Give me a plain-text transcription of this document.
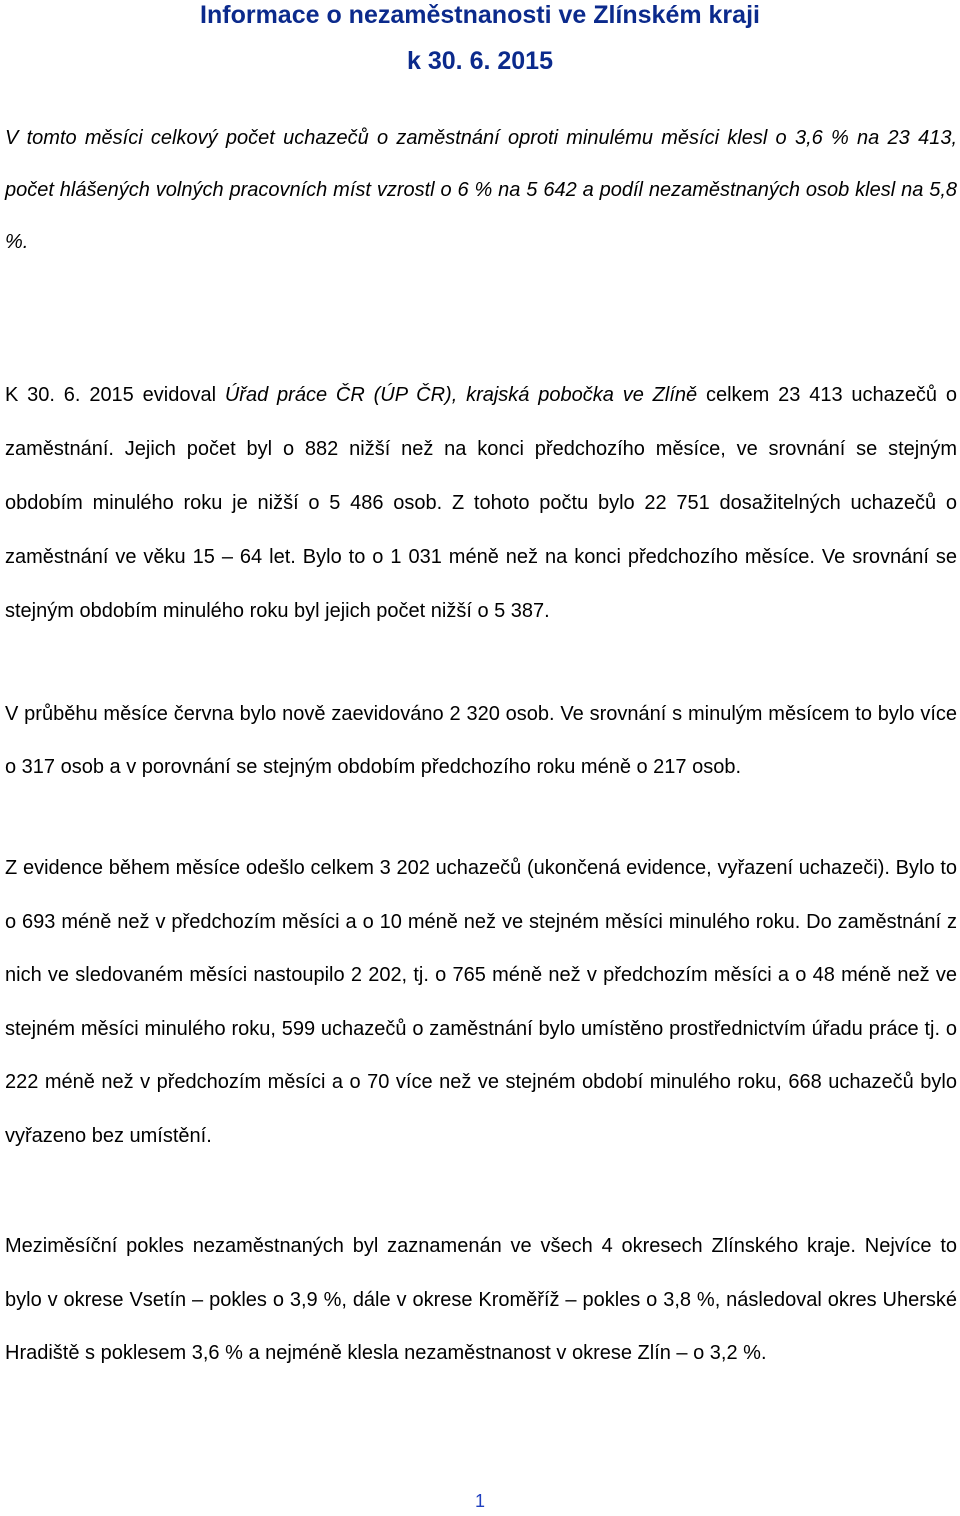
Informace o nezaměstnanosti ve Zlínském kraji
k 30. 6. 2015

V tomto měsíci celkový počet uchazečů o zaměstnání oproti minulému měsíci klesl o 3,6 % na 23 413, počet hlášených volných pracovních míst vzrostl o 6 % na 5 642 a podíl nezaměstnaných osob klesl na 5,8 %.

K 30. 6. 2015 evidoval Úřad práce ČR (ÚP ČR), krajská pobočka ve Zlíně celkem 23 413 uchazečů o zaměstnání. Jejich počet byl o 882 nižší než na konci předchozího měsíce, ve srovnání se stejným obdobím minulého roku je nižší o 5 486 osob. Z tohoto počtu bylo 22 751 dosažitelných uchazečů o zaměstnání ve věku 15 – 64 let. Bylo to o 1 031 méně než na konci předchozího měsíce. Ve srovnání se stejným obdobím minulého roku byl jejich počet nižší o 5 387.

V průběhu měsíce června bylo nově zaevidováno 2 320 osob. Ve srovnání s minulým měsícem to bylo více o 317 osob a v porovnání se stejným obdobím předchozího roku méně o 217 osob.

Z evidence během měsíce odešlo celkem 3 202 uchazečů (ukončená evidence, vyřazení uchazeči). Bylo to o 693 méně než v předchozím měsíci a o 10 méně než ve stejném měsíci minulého roku. Do zaměstnání z nich ve sledovaném měsíci nastoupilo 2 202, tj. o 765 méně než v předchozím měsíci a o 48 méně než ve stejném měsíci minulého roku, 599 uchazečů o zaměstnání bylo umístěno prostřednictvím úřadu práce tj. o 222 méně než v předchozím měsíci a o 70 více než ve stejném období minulého roku, 668 uchazečů bylo vyřazeno bez umístění.

Meziměsíční pokles nezaměstnaných byl zaznamenán ve všech 4 okresech Zlínského kraje. Nejvíce to bylo v okrese Vsetín – pokles o 3,9 %, dále v okrese Kroměříž – pokles o 3,8 %, následoval okres Uherské Hradiště s poklesem 3,6 % a nejméně klesla nezaměstnanost v okrese Zlín – o 3,2 %.

1
